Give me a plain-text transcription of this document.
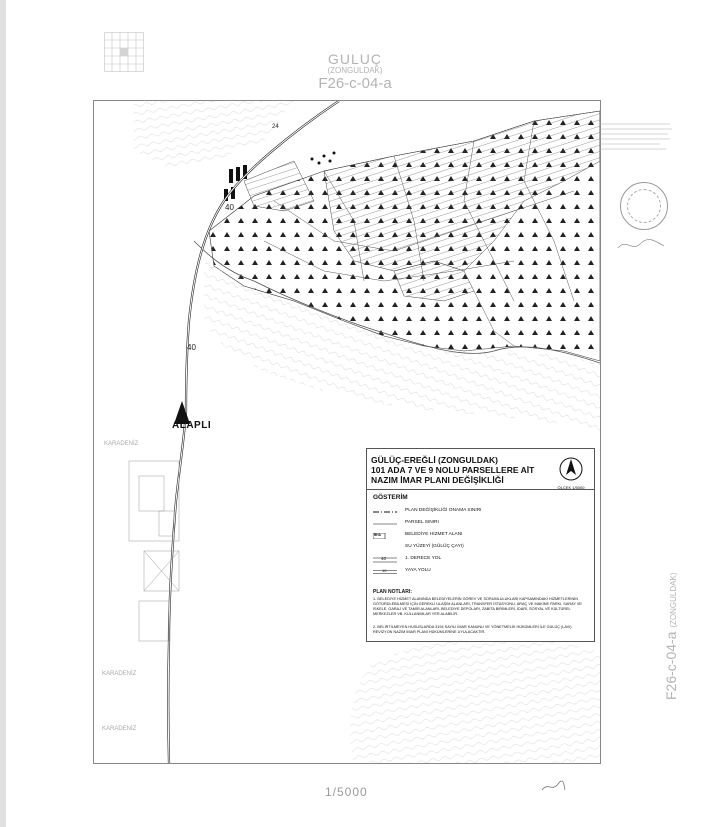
GULUÇ
(ZONGULDAK)
F26-c-04-a
40
40
24
ALAPLI
KARADENİZ
KARADENİZ
KARADENİZ
GÜLÜÇ-EREĞLİ (ZONGULDAK)
101 ADA 7 VE 9 NOLU PARSELLERE AİT
NAZIM İMAR PLANI DEĞİŞİKLİĞİ
ÖLÇEK 1/5000
GÖSTERİM
PLAN DEĞİŞİKLİĞİ ONAMA SINIRI
PARSEL SINIRI
BHA	BELEDİYE HİZMET ALANI
SU YÜZEYİ (GÜLÜÇ ÇAYI)
40	1. DERECE YOL
10	YAYA YOLU
PLAN NOTLARI:
1- BELEDİYE HİZMET ALANINDA BELEDİYELERİN GÖREV VE SORUMLULUKLARI KAPSAMINDAKİ HİZMETLERİNİN GÖTÜRÜLEBİLMESİ İÇİN GEREKLİ ULAŞIM ALANLARI, TRANSFER İSTASYONU, ARAÇ VE MAKİNE PARKI, SARAY VE İSKELE, GARAJ VE TAMİR ALANLARI, BELEDİYE DEPOLARI, ZABITA BİRİMLERİ, İDARİ, SOSYAL VE KÜLTÜREL MERKEZLER VB. KULLANIMLAR YER ALABİLİR.
2- BELİRTİLMEYEN HUSUSLARDA 3194 SAYILI İMAR KANUNU VE YÖNETMELİK HÜKÜMLERİ İLE GÜLÜÇ (LAVI) REVİZYON NAZIM İMAR PLANI HÜKÜMLERİNE UYULACAKTIR.	F26-c-04-a (ZONGULDAK)
1/5000
